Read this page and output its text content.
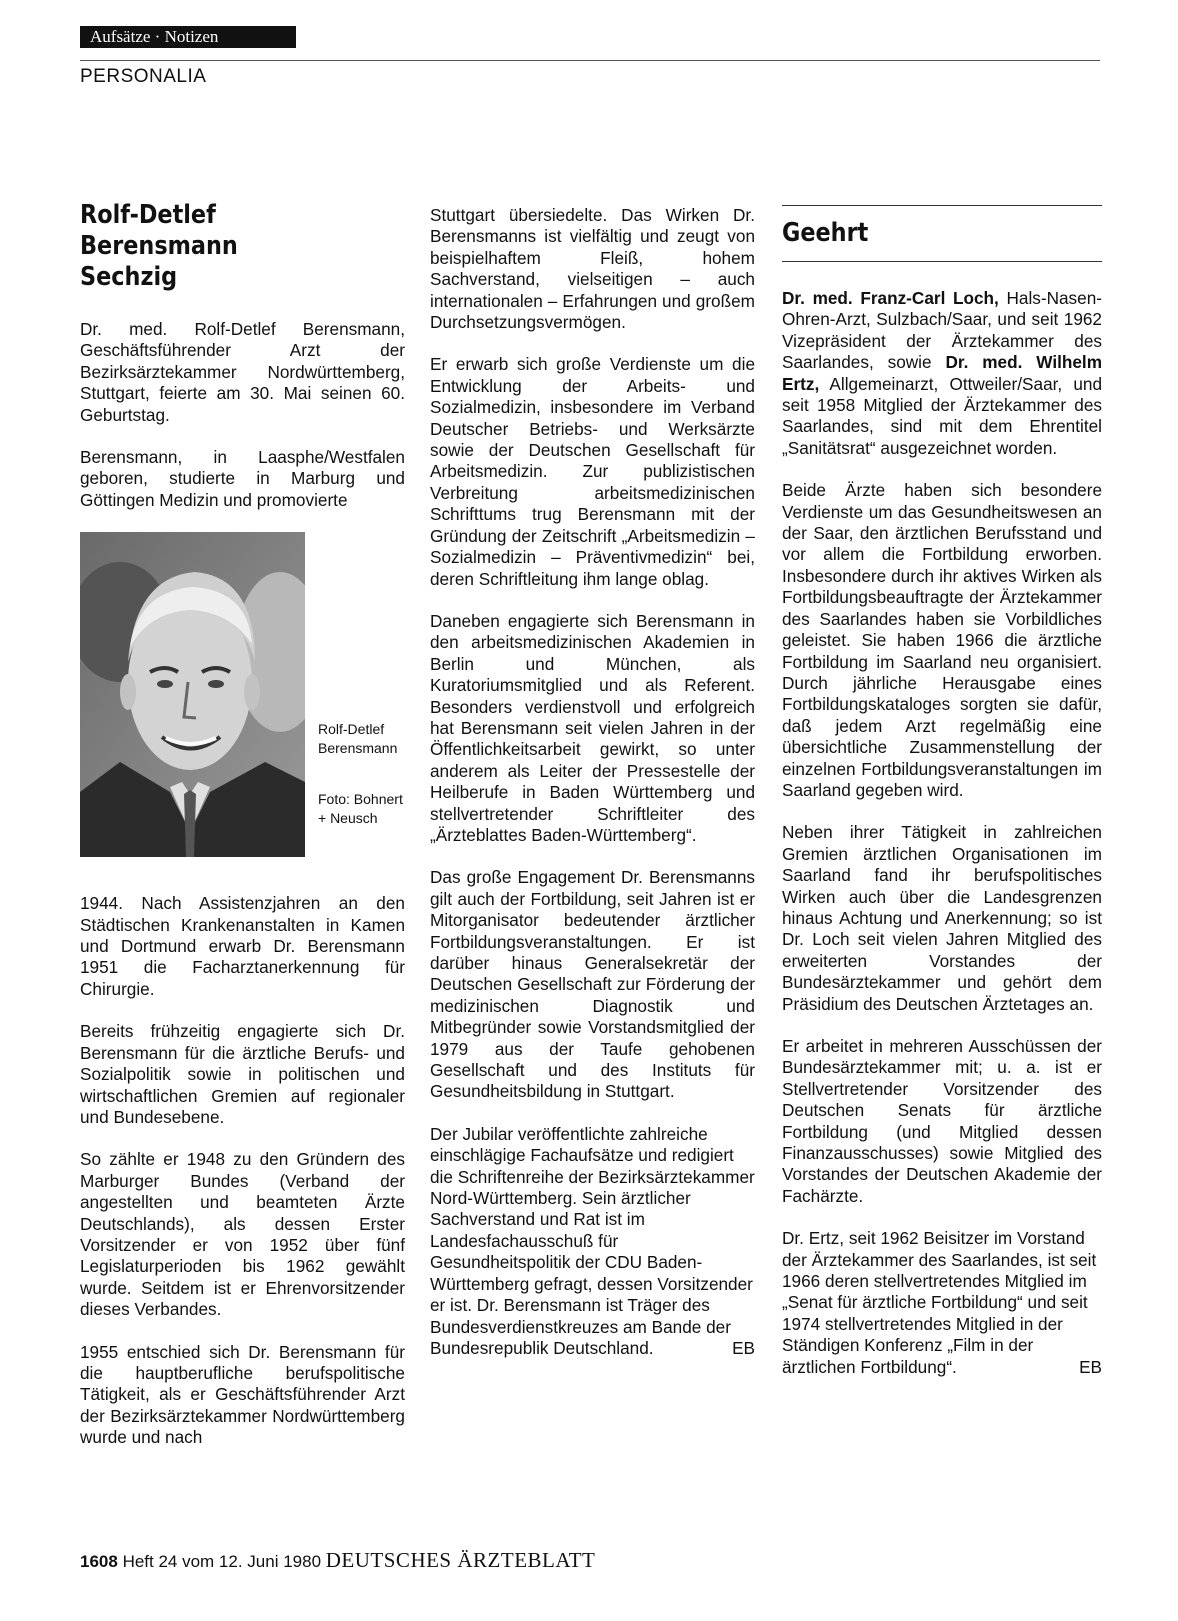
Aufsätze · Notizen
PERSONALIA
Rolf-Detlef Berensmann
Sechzig

Dr. med. Rolf-Detlef Berensmann, Geschäftsführender Arzt der Bezirksärztekammer Nordwürttemberg, Stuttgart, feierte am 30. Mai seinen 60. Geburtstag.

Berensmann, in Laasphe/Westfalen geboren, studierte in Marburg und Göttingen Medizin und promovierte

Rolf-Detlef Berensmann
Foto: Bohnert + Neusch

1944. Nach Assistenzjahren an den Städtischen Krankenanstalten in Kamen und Dortmund erwarb Dr. Berensmann 1951 die Facharztanerkennung für Chirurgie.

Bereits frühzeitig engagierte sich Dr. Berensmann für die ärztliche Berufs- und Sozialpolitik sowie in politischen und wirtschaftlichen Gremien auf regionaler und Bundesebene.

So zählte er 1948 zu den Gründern des Marburger Bundes (Verband der angestellten und beamteten Ärzte Deutschlands), als dessen Erster Vorsitzender er von 1952 über fünf Legislaturperioden bis 1962 gewählt wurde. Seitdem ist er Ehrenvorsitzender dieses Verbandes.

1955 entschied sich Dr. Berensmann für die hauptberufliche berufspolitische Tätigkeit, als er Geschäftsführender Arzt der Bezirksärztekammer Nordwürttemberg wurde und nach

Stuttgart übersiedelte. Das Wirken Dr. Berensmanns ist vielfältig und zeugt von beispielhaftem Fleiß, hohem Sachverstand, vielseitigen – auch internationalen – Erfahrungen und großem Durchsetzungsvermögen.

Er erwarb sich große Verdienste um die Entwicklung der Arbeits- und Sozialmedizin, insbesondere im Verband Deutscher Betriebs- und Werksärzte sowie der Deutschen Gesellschaft für Arbeitsmedizin. Zur publizistischen Verbreitung arbeitsmedizinischen Schrifttums trug Berensmann mit der Gründung der Zeitschrift „Arbeitsmedizin – Sozialmedizin – Präventivmedizin“ bei, deren Schriftleitung ihm lange oblag.

Daneben engagierte sich Berensmann in den arbeitsmedizinischen Akademien in Berlin und München, als Kuratoriumsmitglied und als Referent. Besonders verdienstvoll und erfolgreich hat Berensmann seit vielen Jahren in der Öffentlichkeitsarbeit gewirkt, so unter anderem als Leiter der Pressestelle der Heilberufe in Baden Württemberg und stellvertretender Schriftleiter des „Ärzteblattes Baden-Württemberg“.

Das große Engagement Dr. Berensmanns gilt auch der Fortbildung, seit Jahren ist er Mitorganisator bedeutender ärztlicher Fortbildungsveranstaltungen. Er ist darüber hinaus Generalsekretär der Deutschen Gesellschaft zur Förderung der medizinischen Diagnostik und Mitbegründer sowie Vorstandsmitglied der 1979 aus der Taufe gehobenen Gesellschaft und des Instituts für Gesundheitsbildung in Stuttgart.

Der Jubilar veröffentlichte zahlreiche einschlägige Fachaufsätze und redigiert die Schriftenreihe der Bezirksärztekammer Nord-Württemberg. Sein ärztlicher Sachverstand und Rat ist im Landesfachausschuß für Gesundheitspolitik der CDU Baden-Württemberg gefragt, dessen Vorsitzender er ist. Dr. Berensmann ist Träger des Bundesverdienstkreuzes am Bande der Bundesrepublik Deutschland.	EB

Geehrt

Dr. med. Franz-Carl Loch, Hals-Nasen-Ohren-Arzt, Sulzbach/Saar, und seit 1962 Vizepräsident der Ärztekammer des Saarlandes, sowie Dr. med. Wilhelm Ertz, Allgemeinarzt, Ottweiler/Saar, und seit 1958 Mitglied der Ärztekammer des Saarlandes, sind mit dem Ehrentitel „Sanitätsrat“ ausgezeichnet worden.

Beide Ärzte haben sich besondere Verdienste um das Gesundheitswesen an der Saar, den ärztlichen Berufsstand und vor allem die Fortbildung erworben. Insbesondere durch ihr aktives Wirken als Fortbildungsbeauftragte der Ärztekammer des Saarlandes haben sie Vorbildliches geleistet. Sie haben 1966 die ärztliche Fortbildung im Saarland neu organisiert. Durch jährliche Herausgabe eines Fortbildungskataloges sorgten sie dafür, daß jedem Arzt regelmäßig eine übersichtliche Zusammenstellung der einzelnen Fortbildungsveranstaltungen im Saarland gegeben wird.

Neben ihrer Tätigkeit in zahlreichen Gremien ärztlichen Organisationen im Saarland fand ihr berufspolitisches Wirken auch über die Landesgrenzen hinaus Achtung und Anerkennung; so ist Dr. Loch seit vielen Jahren Mitglied des erweiterten Vorstandes der Bundesärztekammer und gehört dem Präsidium des Deutschen Ärztetages an.

Er arbeitet in mehreren Ausschüssen der Bundesärztekammer mit; u. a. ist er Stellvertretender Vorsitzender des Deutschen Senats für ärztliche Fortbildung (und Mitglied dessen Finanzausschusses) sowie Mitglied des Vorstandes der Deutschen Akademie der Fachärzte.

Dr. Ertz, seit 1962 Beisitzer im Vorstand der Ärztekammer des Saarlandes, ist seit 1966 deren stellvertretendes Mitglied im „Senat für ärztliche Fortbildung“ und seit 1974 stellvertretendes Mitglied in der Ständigen Konferenz „Film in der ärztlichen Fortbildung“.	EB

1608 Heft 24 vom 12. Juni 1980 DEUTSCHES ÄRZTEBLATT
